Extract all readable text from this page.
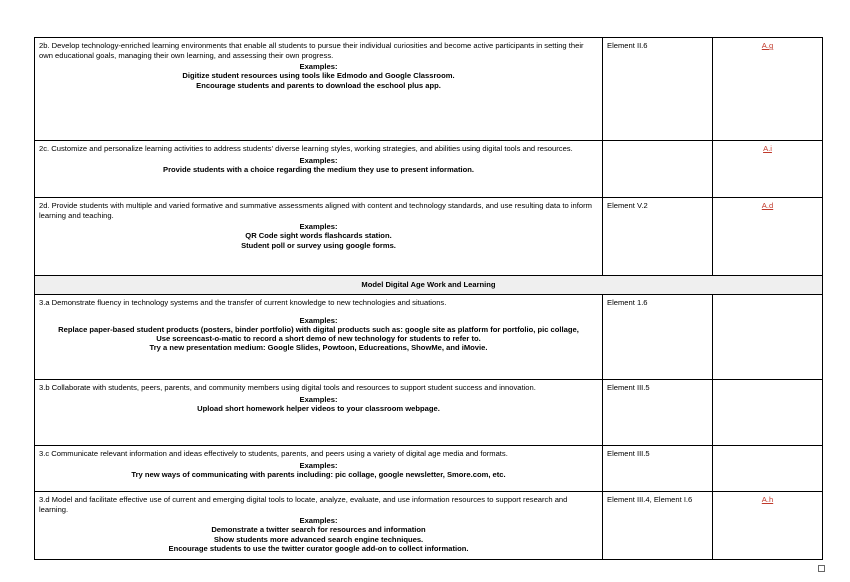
2b. Develop technology-enriched learning environments that enable all students to pursue their individual curiosities and become active participants in setting their own educational goals, managing their own learning, and assessing their own progress.
Examples:
Digitize student resources using tools like Edmodo and Google Classroom.
Encourage students and parents to download the eschool plus app.	Element II.6	A.g

2c. Customize and personalize learning activities to address students' diverse learning styles, working strategies, and abilities using digital tools and resources.
Examples:
Provide students with a choice regarding the medium they use to present information.		A.i

2d. Provide students with multiple and varied formative and summative assessments aligned with content and technology standards, and use resulting data to inform learning and teaching.
Examples:
QR Code sight words flashcards station.
Student poll or survey using google forms.	Element V.2	A.d
Model Digital Age Work and Learning		

3.a Demonstrate fluency in technology systems and the transfer of current knowledge to new technologies and situations.
Examples:
Replace paper-based student products (posters, binder portfolio) with digital products such as: google site as platform for portfolio, pic collage,
Use screencast-o-matic to record a short demo of new technology for students to refer to.
Try a new presentation medium: Google Slides, Powtoon, Educreations, ShowMe, and iMovie.	Element 1.6	

3.b Collaborate with students, peers, parents, and community members using digital tools and resources to support student success and innovation.
Examples:
Upload short homework helper videos to your classroom webpage.	Element III.5	

3.c Communicate relevant information and ideas effectively to students, parents, and peers using a variety of digital age media and formats.
Examples:
Try new ways of communicating with parents including: pic collage, google newsletter, Smore.com, etc.	Element III.5	

3.d Model and facilitate effective use of current and emerging digital tools to locate, analyze, evaluate, and use information resources to support research and learning.
Examples:
Demonstrate a twitter search for resources and information
Show students more advanced search engine techniques.
Encourage students to use the twitter curator google add-on to collect information.	Element III.4, Element I.6	A.h
